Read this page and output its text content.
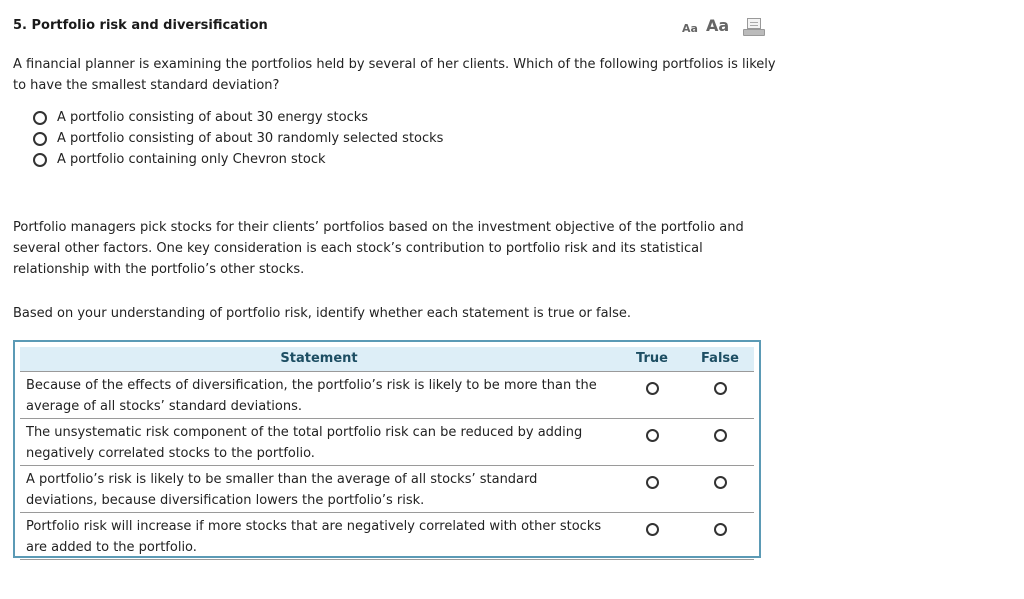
5. Portfolio risk and diversification	Aa Aa
A financial planner is examining the portfolios held by several of her clients. Which of the following portfolios is likely to have the smallest standard deviation?
A portfolio consisting of about 30 energy stocks
A portfolio consisting of about 30 randomly selected stocks
A portfolio containing only Chevron stock
Portfolio managers pick stocks for their clients’ portfolios based on the investment objective of the portfolio and several other factors. One key consideration is each stock’s contribution to portfolio risk and its statistical relationship with the portfolio’s other stocks.
Based on your understanding of portfolio risk, identify whether each statement is true or false.
Statement	True	False
Because of the effects of diversification, the portfolio’s risk is likely to be more than the average of all stocks’ standard deviations.		
The unsystematic risk component of the total portfolio risk can be reduced by adding negatively correlated stocks to the portfolio.		
A portfolio’s risk is likely to be smaller than the average of all stocks’ standard deviations, because diversification lowers the portfolio’s risk.		
Portfolio risk will increase if more stocks that are negatively correlated with other stocks are added to the portfolio.		
